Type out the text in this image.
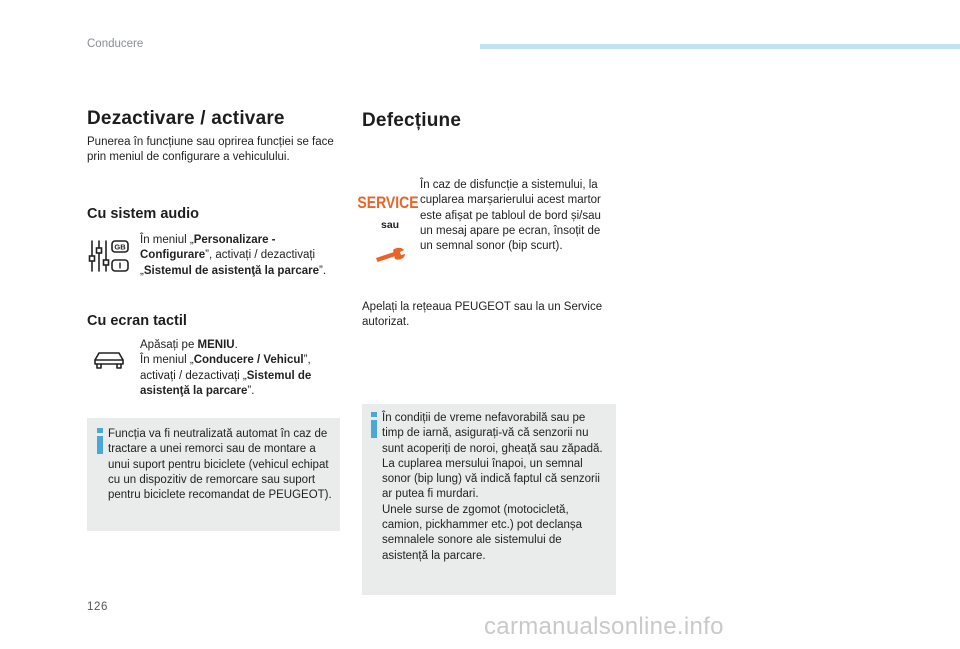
Conducere
Dezactivare / activare
Punerea în funcțiune sau oprirea funcției se face prin meniul de configurare a vehiculului.
Cu sistem audio
GB
În meniul „Personalizare - Configurare”, activați / dezactivați „Sistemul de asistenţă la parcare”.
Cu ecran tactil
Apăsați pe MENIU.
În meniul „Conducere / Vehicul”, activați / dezactivați „Sistemul de asistenţă la parcare”.
Funcția va fi neutralizată automat în caz de tractare a unei remorci sau de montare a unui suport pentru biciclete (vehicul echipat cu un dispozitiv de remorcare sau suport pentru biciclete recomandat de PEUGEOT).
Defecțiune
SERVICE
sau
În caz de disfuncție a sistemului, la cuplarea marșarierului acest martor este afișat pe tabloul de bord și/sau un mesaj apare pe ecran, însoțit de un semnal sonor (bip scurt).
Apelați la rețeaua PEUGEOT sau la un Service autorizat.
În condiții de vreme nefavorabilă sau pe timp de iarnă, asigurați-vă că senzorii nu sunt acoperiți de noroi, gheață sau zăpadă. La cuplarea mersului înapoi, un semnal sonor (bip lung) vă indică faptul că senzorii ar putea fi murdari.
Unele surse de zgomot (motocicletă, camion, pickhammer etc.) pot declanșa semnalele sonore ale sistemului de asistență la parcare.
126
carmanualsonline.info
